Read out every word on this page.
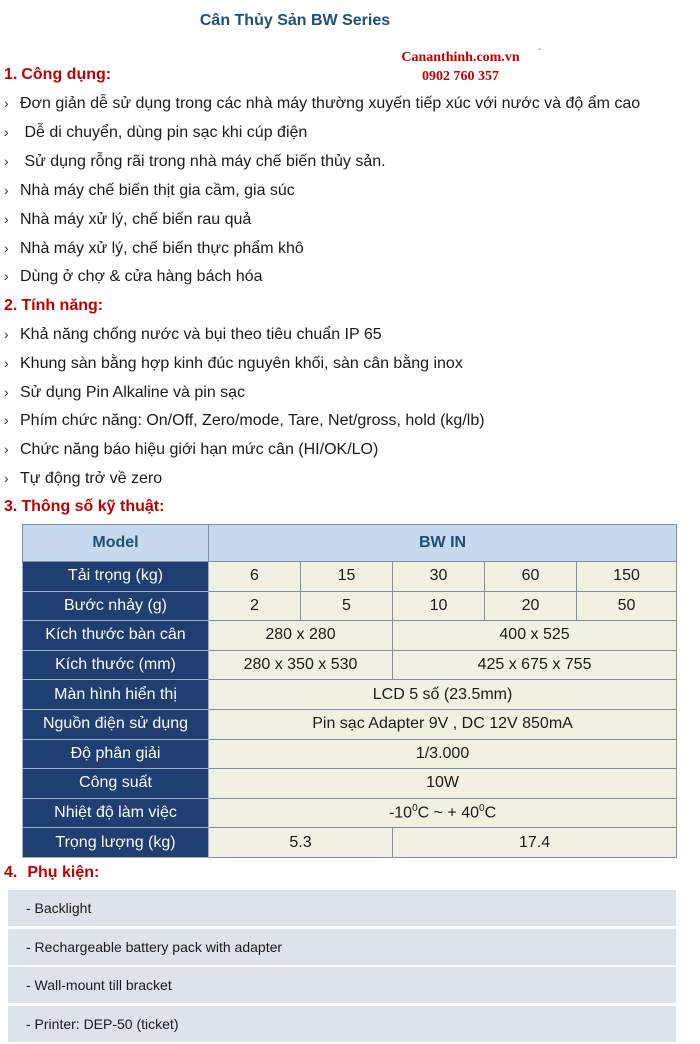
Cân Thủy Sản BW Series
Cananthinh.com.vn
0902 760 357
-
1. Công dụng:
› Đơn giản dễ sử dụng trong các nhà máy thường xuyến tiếp xúc với nước và độ ẩm cao
› Dễ di chuyển, dùng pin sạc khi cúp điện
› Sử dụng rỗng rãi trong nhà máy chế biến thủy sản.
› Nhà máy chế biến thịt gia cầm, gia súc
› Nhà máy xử lý, chế biến rau quả
› Nhà máy xử lý, chế biến thực phẩm khô
› Dùng ở chợ & cửa hàng bách hóa
2. Tính năng:
› Khả năng chống nước và bụi theo tiêu chuẩn IP 65
› Khung sàn bằng hợp kinh đúc nguyên khối, sàn cân bằng inox
› Sử dụng Pin Alkaline và pin sạc
› Phím chức năng: On/Off, Zero/mode, Tare, Net/gross, hold (kg/lb)
› Chức năng báo hiệu giới hạn mức cân (HI/OK/LO)
› Tự động trở về zero
3. Thông số kỹ thuật:
Model	BW IN				
Tải trọng (kg)	6	15	30	60	150
Bước nhảy (g)	2	5	10	20	50
Kích thước bàn cân	280 x 280		400 x 525		
Kích thước (mm)	280 x 350 x 530		425 x 675 x 755		
Màn hình hiển thị	LCD 5 số (23.5mm)				
Nguồn điện sử dụng	Pin sạc Adapter 9V , DC 12V 850mA				
Độ phân giải	1/3.000				
Công suất	10W				
Nhiệt độ làm việc	$-10^0C$ ~ + $40^0C$				
Trọng lượng (kg)	5.3		17.4		
4. Phụ kiện:
- Backlight
- Rechargeable battery pack with adapter
- Wall-mount till bracket
- Printer: DEP-50 (ticket)
